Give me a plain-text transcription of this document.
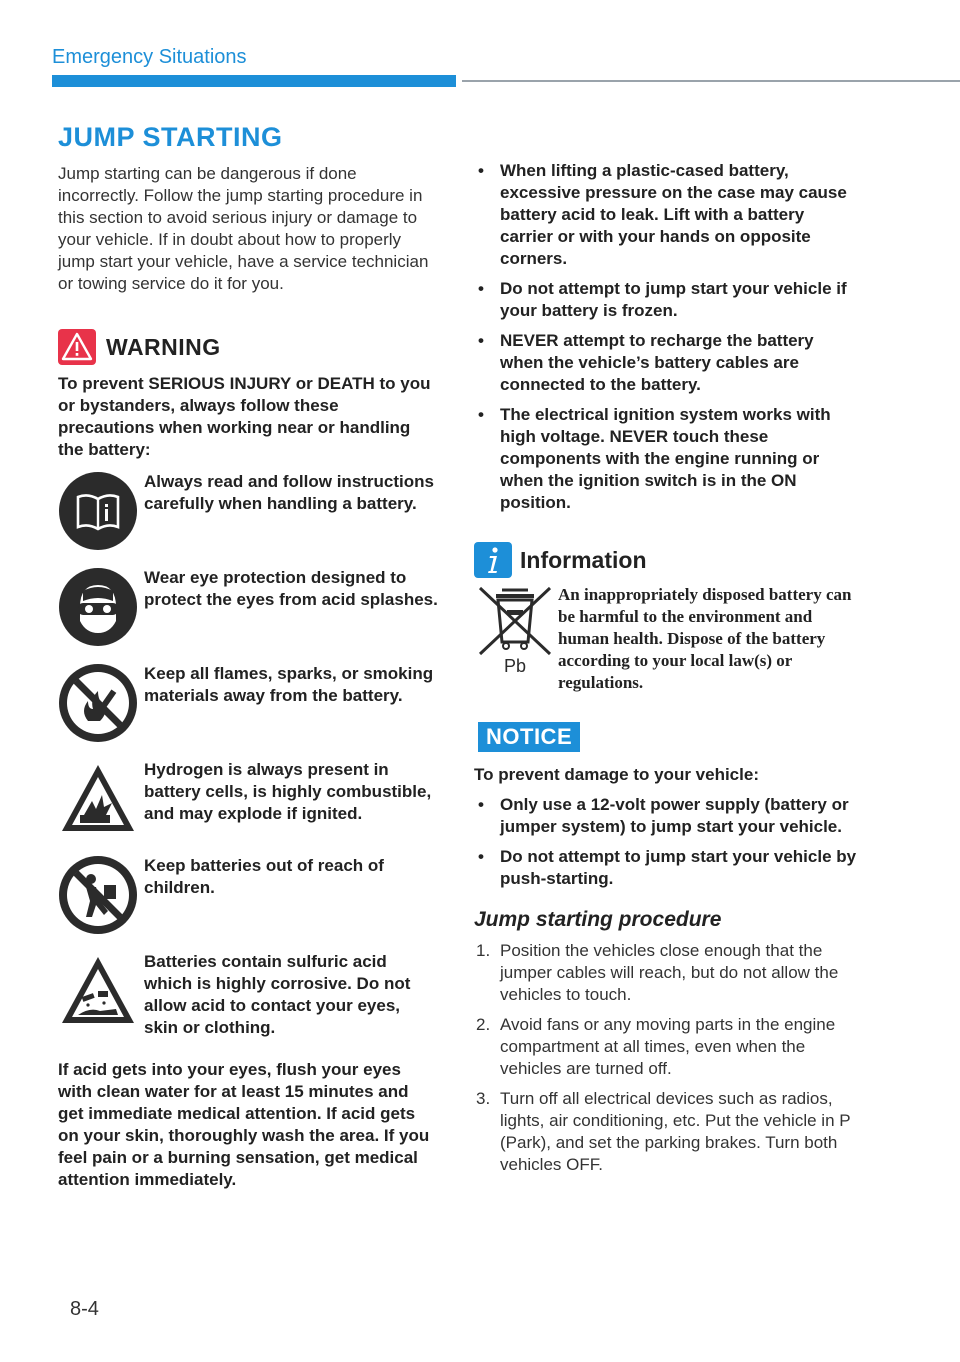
Emergency Situations
JUMP STARTING

Jump starting can be dangerous if done incorrectly. Follow the jump starting procedure in this section to avoid serious injury or damage to your vehicle. If in doubt about how to properly jump start your vehicle, have a service technician or towing service do it for you.

WARNING

To prevent SERIOUS INJURY or DEATH to you or bystanders, always follow these precautions when working near or handling the battery:

Always read and follow instructions carefully when handling a battery.
Wear eye protection designed to protect the eyes from acid splashes.
Keep all flames, sparks, or smoking materials away from the battery.
Hydrogen is always present in battery cells, is highly combustible, and may explode if ignited.
Keep batteries out of reach of children.
Batteries contain sulfuric acid which is highly corrosive. Do not allow acid to contact your eyes, skin or clothing.

If acid gets into your eyes, flush your eyes with clean water for at least 15 minutes and get immediate medical attention. If acid gets on your skin, thoroughly wash the area. If you feel pain or a burning sensation, get medical attention immediately.

• When lifting a plastic-cased battery, excessive pressure on the case may cause battery acid to leak. Lift with a battery carrier or with your hands on opposite corners.
• Do not attempt to jump start your vehicle if your battery is frozen.
• NEVER attempt to recharge the battery when the vehicle’s battery cables are connected to the battery.
• The electrical ignition system works with high voltage. NEVER touch these components with the engine running or when the ignition switch is in the ON position.
Information
Pb
An inappropriately disposed battery can be harmful to the environment and human health. Dispose of the battery according to your local law(s) or regulations.
NOTICE

To prevent damage to your vehicle:

• Only use a 12-volt power supply (battery or jumper system) to jump start your vehicle.
• Do not attempt to jump start your vehicle by push-starting.
Jump starting procedure
1. Position the vehicles close enough that the jumper cables will reach, but do not allow the vehicles to touch.
2. Avoid fans or any moving parts in the engine compartment at all times, even when the vehicles are turned off.
3. Turn off all electrical devices such as radios, lights, air conditioning, etc. Put the vehicle in P (Park), and set the parking brakes. Turn both vehicles OFF.
8-4
